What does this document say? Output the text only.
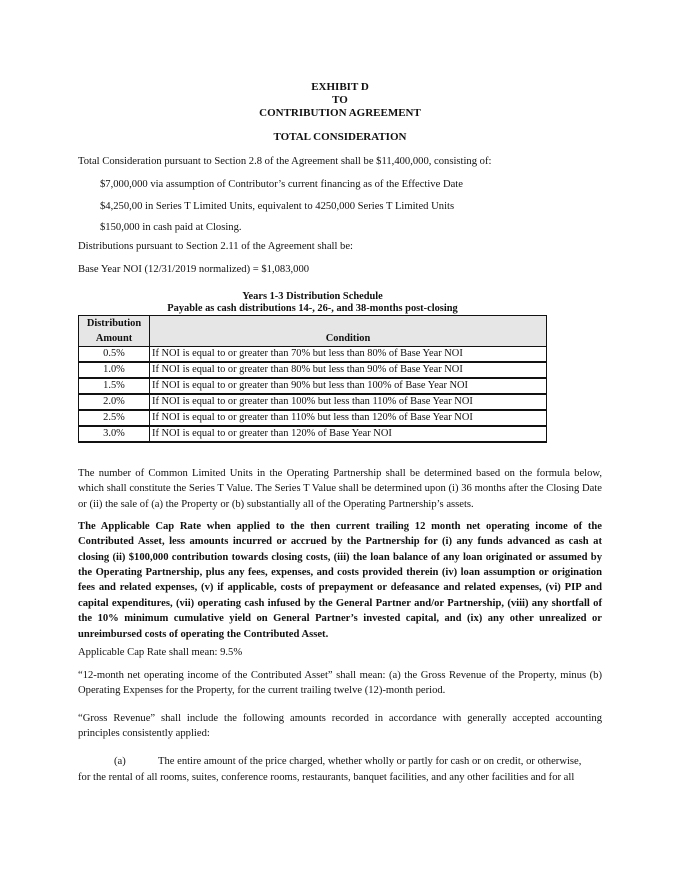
EXHIBIT D
TO
CONTRIBUTION AGREEMENT
TOTAL CONSIDERATION
Total Consideration pursuant to Section 2.8 of the Agreement shall be $11,400,000, consisting of:
$7,000,000 via assumption of Contributor’s current financing as of the Effective Date
$4,250,00 in Series T Limited Units, equivalent to 4250,000 Series T Limited Units
$150,000 in cash paid at Closing.
Distributions pursuant to Section 2.11 of the Agreement shall be:
Base Year NOI (12/31/2019 normalized) = $1,083,000
Years 1-3 Distribution Schedule
Payable as cash distributions 14-, 26-, and 38-months post-closing
Distribution	
Amount	Condition
0.5%	If NOI is equal to or greater than 70% but less than 80% of Base Year NOI
1.0%	If NOI is equal to or greater than 80% but less than 90% of Base Year NOI
1.5%	If NOI is equal to or greater than 90% but less than 100% of Base Year NOI
2.0%	If NOI is equal to or greater than 100% but less than 110% of Base Year NOI
2.5%	If NOI is equal to or greater than 110% but less than 120% of Base Year NOI
3.0%	If NOI is equal to or greater than 120% of Base Year NOI
The number of Common Limited Units in the Operating Partnership shall be determined based on the formula below, which shall constitute the Series T Value. The Series T Value shall be determined upon (i) 36 months after the Closing Date or (ii) the sale of (a) the Property or (b) substantially all of the Operating Partnership’s assets.
The Applicable Cap Rate when applied to the then current trailing 12 month net operating income of the Contributed Asset, less amounts incurred or accrued by the Partnership for (i) any funds advanced as cash at closing (ii) $100,000 contribution towards closing costs, (iii) the loan balance of any loan originated or assumed by the Operating Partnership, plus any fees, expenses, and costs provided therein (iv) loan assumption or origination fees and related expenses, (v) if applicable, costs of prepayment or defeasance and related expenses, (vi) PIP and capital expenditures, (vii) operating cash infused by the General Partner and/or Partnership, (viii) any shortfall of the 10% minimum cumulative yield on General Partner’s invested capital, and (ix) any other unrealized or unreimbursed costs of operating the Contributed Asset.
Applicable Cap Rate shall mean: 9.5%
“12-month net operating income of the Contributed Asset” shall mean: (a) the Gross Revenue of the Property, minus (b) Operating Expenses for the Property, for the current trailing twelve (12)-month period.
“Gross Revenue” shall include the following amounts recorded in accordance with generally accepted accounting principles consistently applied:
(a)	The entire amount of the price charged, whether wholly or partly for cash or on credit, or otherwise,
for the rental of all rooms, suites, conference rooms, restaurants, banquet facilities, and any other facilities and for all
